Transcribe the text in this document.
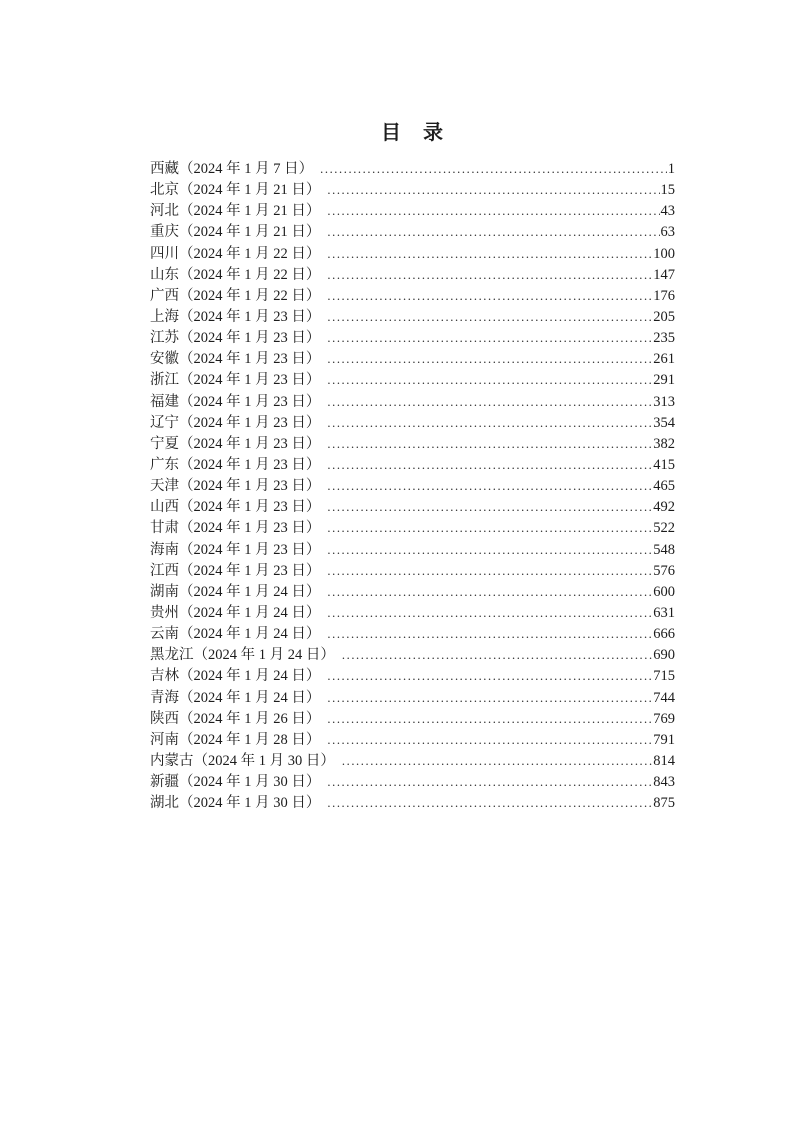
目　录
西藏（2024 年 1 月 7 日） .....	1
北京（2024 年 1 月 21 日） .....	15
河北（2024 年 1 月 21 日） .....	43
重庆（2024 年 1 月 21 日） .....	63
四川（2024 年 1 月 22 日） .....	100
山东（2024 年 1 月 22 日） .....	147
广西（2024 年 1 月 22 日） .....	176
上海（2024 年 1 月 23 日） .....	205
江苏（2024 年 1 月 23 日） .....	235
安徽（2024 年 1 月 23 日） .....	261
浙江（2024 年 1 月 23 日） .....	291
福建（2024 年 1 月 23 日） .....	313
辽宁（2024 年 1 月 23 日） .....	354
宁夏（2024 年 1 月 23 日） .....	382
广东（2024 年 1 月 23 日） .....	415
天津（2024 年 1 月 23 日） .....	465
山西（2024 年 1 月 23 日） .....	492
甘肃（2024 年 1 月 23 日） .....	522
海南（2024 年 1 月 23 日） .....	548
江西（2024 年 1 月 23 日） .....	576
湖南（2024 年 1 月 24 日） .....	600
贵州（2024 年 1 月 24 日） .....	631
云南（2024 年 1 月 24 日） .....	666
黑龙江（2024 年 1 月 24 日） .....	690
吉林（2024 年 1 月 24 日） .....	715
青海（2024 年 1 月 24 日） .....	744
陕西（2024 年 1 月 26 日） .....	769
河南（2024 年 1 月 28 日） .....	791
内蒙古（2024 年 1 月 30 日） .....	814
新疆（2024 年 1 月 30 日） .....	843
湖北（2024 年 1 月 30 日） .....	875
